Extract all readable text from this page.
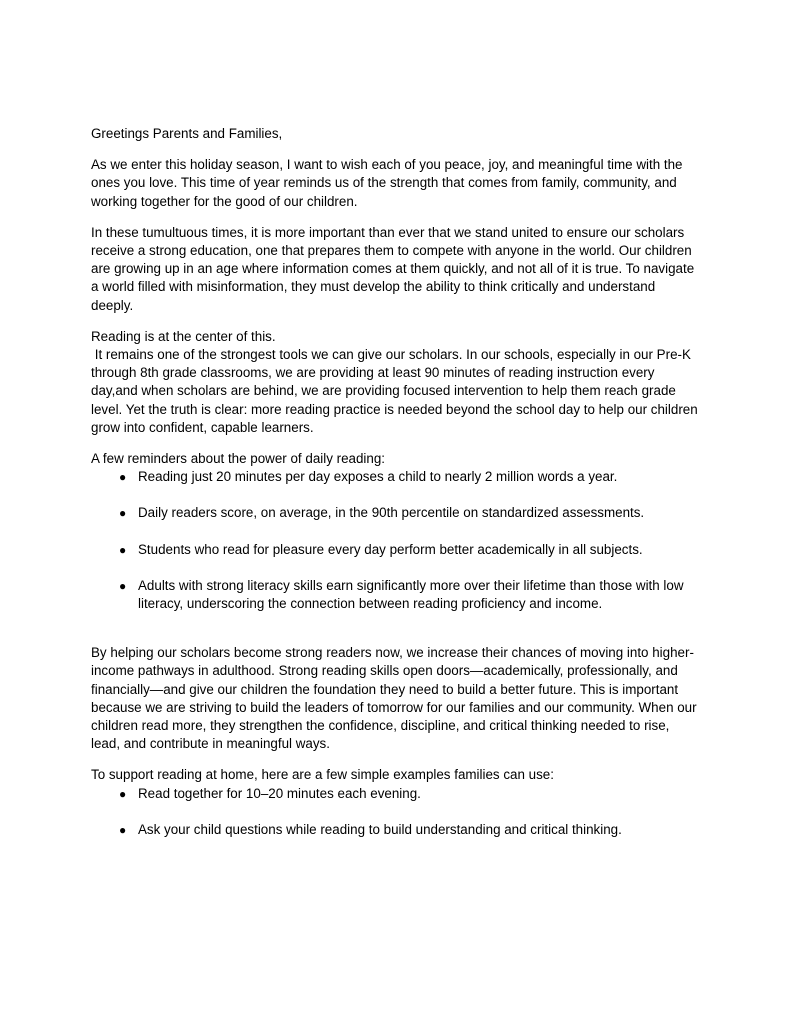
Greetings Parents and Families,

As we enter this holiday season, I want to wish each of you peace, joy, and meaningful time with the ones you love. This time of year reminds us of the strength that comes from family, community, and working together for the good of our children.

In these tumultuous times, it is more important than ever that we stand united to ensure our scholars receive a strong education, one that prepares them to compete with anyone in the world. Our children are growing up in an age where information comes at them quickly, and not all of it is true. To navigate a world filled with misinformation, they must develop the ability to think critically and understand deeply.

Reading is at the center of this.

It remains one of the strongest tools we can give our scholars. In our schools, especially in our Pre-K through 8th grade classrooms, we are providing at least 90 minutes of reading instruction every day,and when scholars are behind, we are providing focused intervention to help them reach grade level. Yet the truth is clear: more reading practice is needed beyond the school day to help our children grow into confident, capable learners.

A few reminders about the power of daily reading:

● Reading just 20 minutes per day exposes a child to nearly 2 million words a year.
● Daily readers score, on average, in the 90th percentile on standardized assessments.
● Students who read for pleasure every day perform better academically in all subjects.
● Adults with strong literacy skills earn significantly more over their lifetime than those with low literacy, underscoring the connection between reading proficiency and income.

By helping our scholars become strong readers now, we increase their chances of moving into higher-income pathways in adulthood. Strong reading skills open doors—academically, professionally, and financially—and give our children the foundation they need to build a better future. This is important because we are striving to build the leaders of tomorrow for our families and our community. When our children read more, they strengthen the confidence, discipline, and critical thinking needed to rise, lead, and contribute in meaningful ways.

To support reading at home, here are a few simple examples families can use:

● Read together for 10–20 minutes each evening.
● Ask your child questions while reading to build understanding and critical thinking.
